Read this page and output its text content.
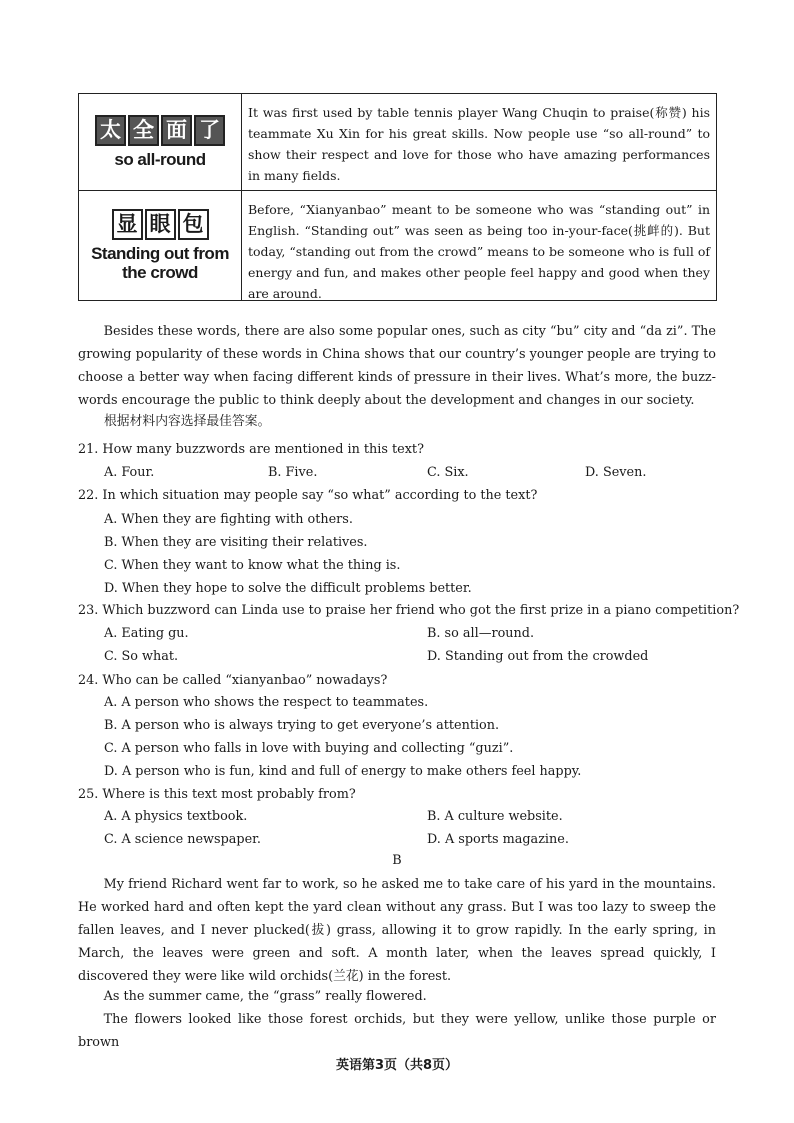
太 全 面 了
so all-round
It was first used by table tennis player Wang Chuqin to praise(称赞) his teammate Xu Xin for his great skills. Now people use “so all-round” to show their respect and love for those who have amazing performances in many fields.
显 眼 包
Standing out from the crowd
Before, “Xianyanbao” meant to be someone who was “standing out” in English. “Standing out” was seen as being too in-your-face(挑衅的). But today, “standing out from the crowd” means to be someone who is full of energy and fun, and makes other people feel happy and good when they are around.
Besides these words, there are also some popular ones, such as city “bu” city and “da zi”. The growing popularity of these words in China shows that our country’s younger people are trying to choose a better way when facing different kinds of pressure in their lives. What’s more, the buzz-words encourage the public to think deeply about the development and changes in our society.
根据材料内容选择最佳答案。
21. How many buzzwords are mentioned in this text?
A. Four.	B. Five.	C. Six.	D. Seven.
22. In which situation may people say “so what” according to the text?
A. When they are fighting with others.
B. When they are visiting their relatives.
C. When they want to know what the thing is.
D. When they hope to solve the difficult problems better.
23. Which buzzword can Linda use to praise her friend who got the first prize in a piano competition?
A. Eating gu.	B. so all—round.
C. So what.	D. Standing out from the crowded
24. Who can be called “xianyanbao” nowadays?
A. A person who shows the respect to teammates.
B. A person who is always trying to get everyone’s attention.
C. A person who falls in love with buying and collecting “guzi”.
D. A person who is fun, kind and full of energy to make others feel happy.
25. Where is this text most probably from?
A. A physics textbook.	B. A culture website.
C. A science newspaper.	D. A sports magazine.
B
My friend Richard went far to work, so he asked me to take care of his yard in the mountains. He worked hard and often kept the yard clean without any grass. But I was too lazy to sweep the fallen leaves, and I never plucked(拔) grass, allowing it to grow rapidly. In the early spring, in March, the leaves were green and soft. A month later, when the leaves spread quickly, I discovered they were like wild orchids(兰花) in the forest.
As the summer came, the “grass” really flowered.
The flowers looked like those forest orchids, but they were yellow, unlike those purple or brown
英语第3页（共8页）
